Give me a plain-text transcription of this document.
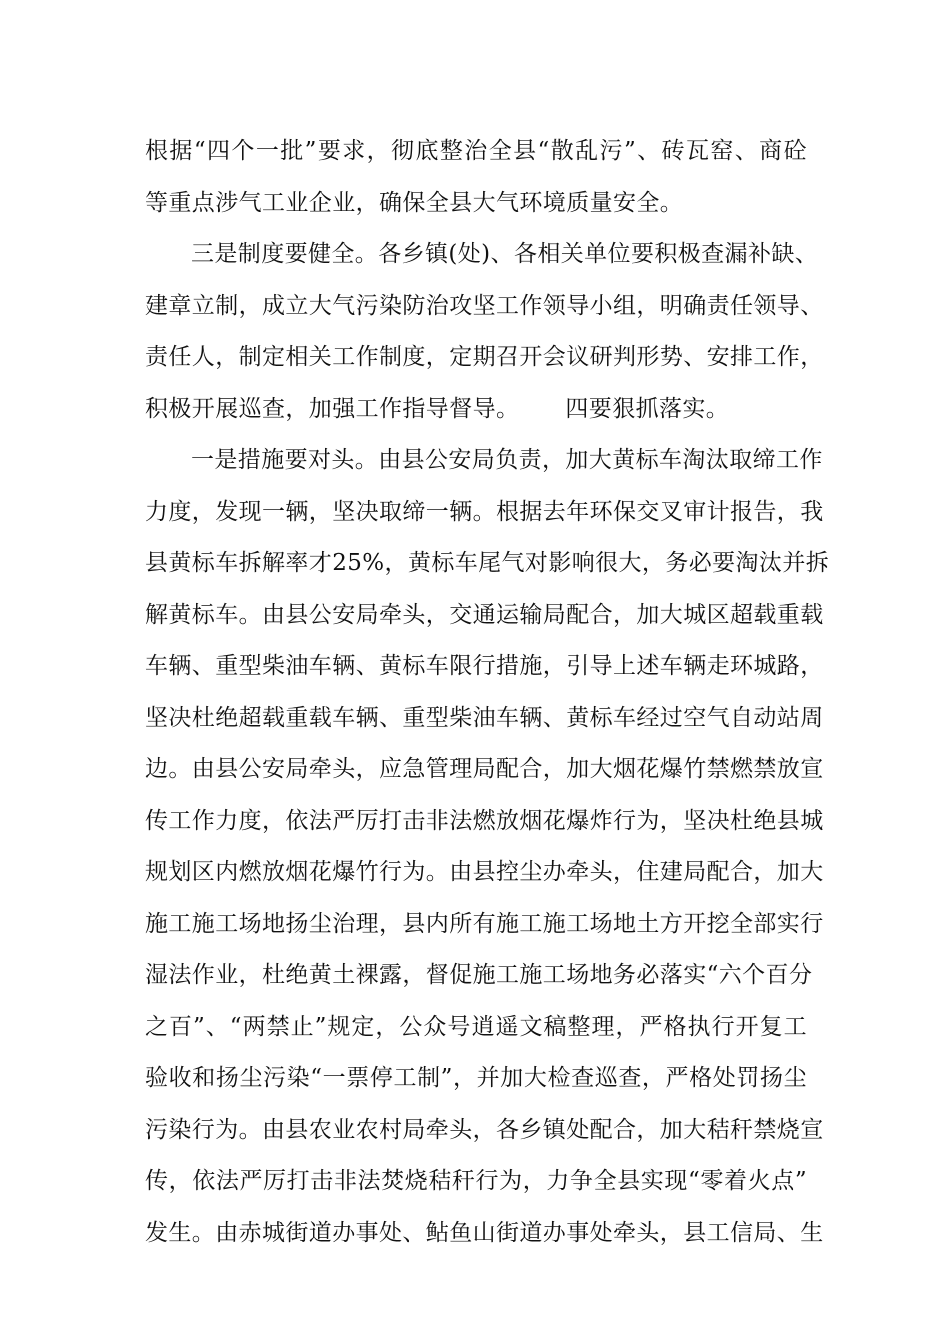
根据“四个一批”要求，彻底整治全县“散乱污”、砖瓦窑、商砼
等重点涉气工业企业，确保全县大气环境质量安全。
三是制度要健全。各乡镇(处)、各相关单位要积极查漏补缺、
建章立制，成立大气污染防治攻坚工作领导小组，明确责任领导、
责任人，制定相关工作制度，定期召开会议研判形势、安排工作，
积极开展巡查，加强工作指导督导。 四要狠抓落实。
一是措施要对头。由县公安局负责，加大黄标车淘汰取缔工作
力度，发现一辆，坚决取缔一辆。根据去年环保交叉审计报告，我
县黄标车拆解率才25%，黄标车尾气对影响很大，务必要淘汰并拆
解黄标车。由县公安局牵头，交通运输局配合，加大城区超载重载
车辆、重型柴油车辆、黄标车限行措施，引导上述车辆走环城路，
坚决杜绝超载重载车辆、重型柴油车辆、黄标车经过空气自动站周
边。由县公安局牵头，应急管理局配合，加大烟花爆竹禁燃禁放宣
传工作力度，依法严厉打击非法燃放烟花爆炸行为，坚决杜绝县城
规划区内燃放烟花爆竹行为。由县控尘办牵头，住建局配合，加大
施工施工场地扬尘治理，县内所有施工施工场地土方开挖全部实行
湿法作业，杜绝黄土裸露，督促施工施工场地务必落实“六个百分
之百”、“两禁止”规定，公众号逍遥文稿整理，严格执行开复工
验收和扬尘污染“一票停工制”，并加大检查巡查，严格处罚扬尘
污染行为。由县农业农村局牵头，各乡镇处配合，加大秸秆禁烧宣
传，依法严厉打击非法焚烧秸秆行为，力争全县实现“零着火点”
发生。由赤城街道办事处、鲇鱼山街道办事处牵头，县工信局、生
